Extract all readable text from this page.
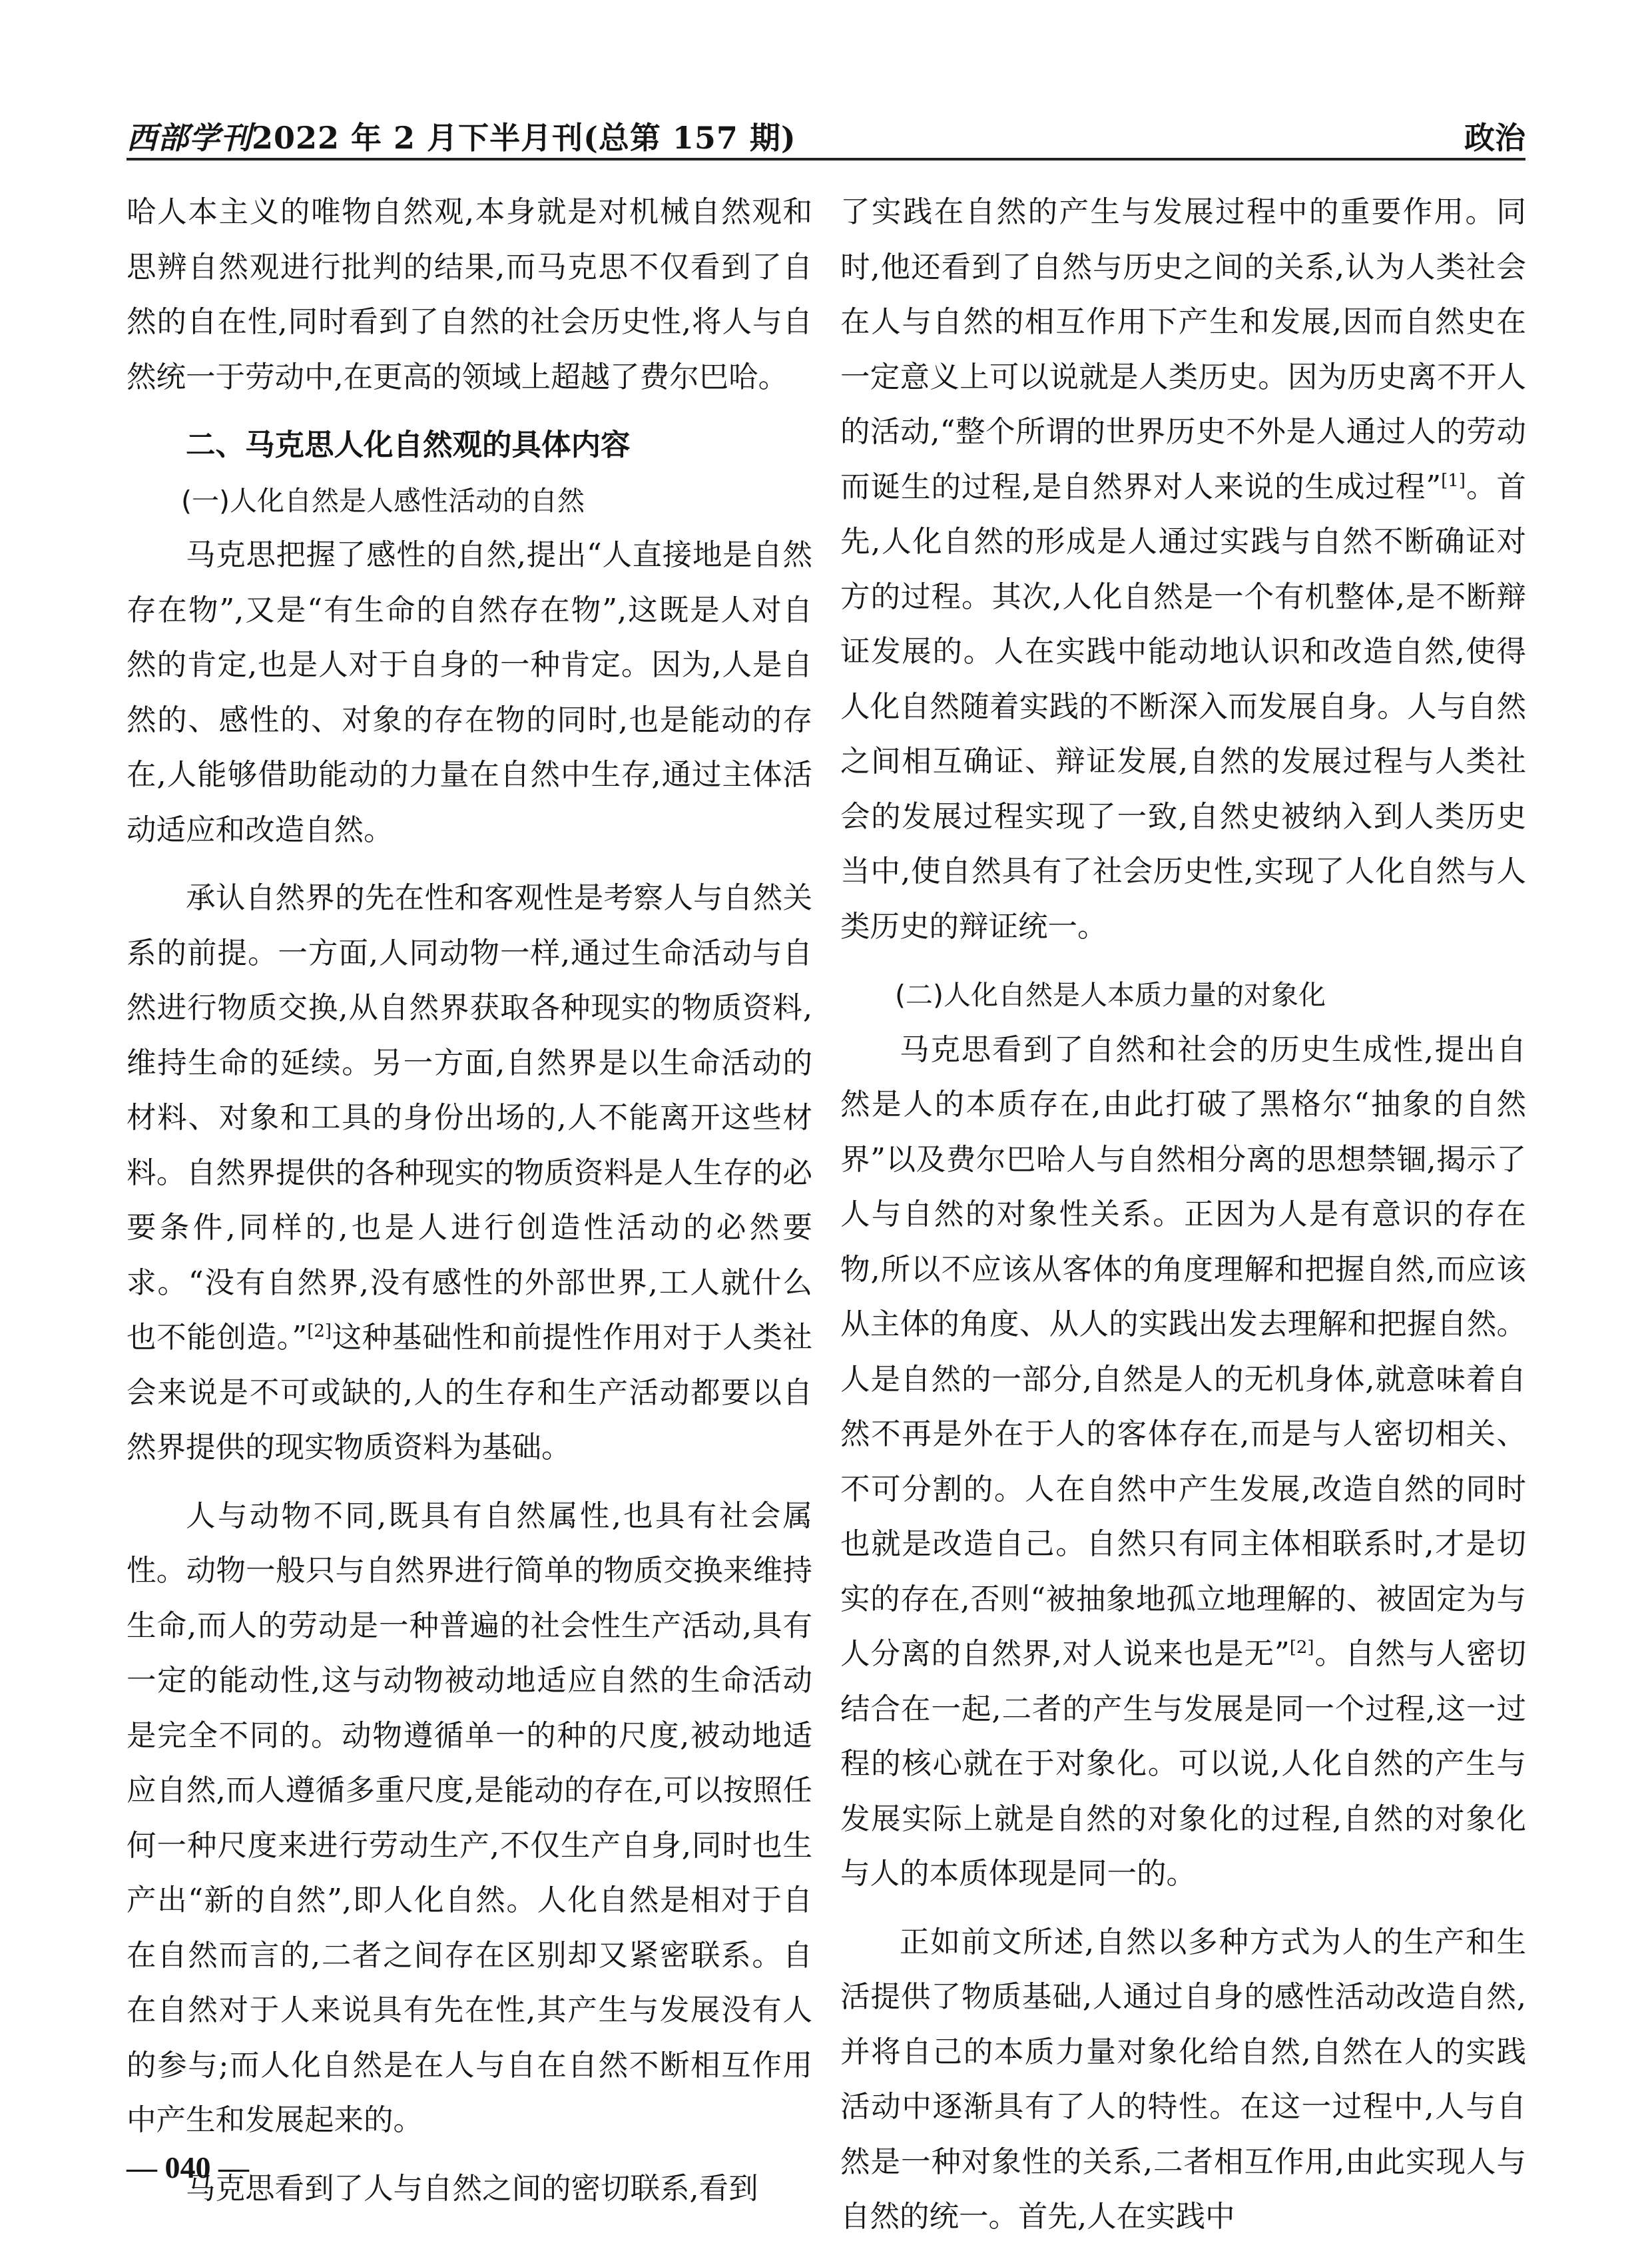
西部学刊2022 年 2 月下半月刊(总第 157 期)	政治

哈人本主义的唯物自然观,本身就是对机械自然观和思辨自然观进行批判的结果,而马克思不仅看到了自然的自在性,同时看到了自然的社会历史性,将人与自然统一于劳动中,在更高的领域上超越了费尔巴哈。

二、马克思人化自然观的具体内容

(一)人化自然是人感性活动的自然

马克思把握了感性的自然,提出“人直接地是自然存在物”,又是“有生命的自然存在物”,这既是人对自然的肯定,也是人对于自身的一种肯定。因为,人是自然的、感性的、对象的存在物的同时,也是能动的存在,人能够借助能动的力量在自然中生存,通过主体活动适应和改造自然。

承认自然界的先在性和客观性是考察人与自然关系的前提。一方面,人同动物一样,通过生命活动与自然进行物质交换,从自然界获取各种现实的物质资料,维持生命的延续。另一方面,自然界是以生命活动的材料、对象和工具的身份出场的,人不能离开这些材料。自然界提供的各种现实的物质资料是人生存的必要条件,同样的,也是人进行创造性活动的必然要求。“没有自然界,没有感性的外部世界,工人就什么也不能创造。”[2]这种基础性和前提性作用对于人类社会来说是不可或缺的,人的生存和生产活动都要以自然界提供的现实物质资料为基础。

人与动物不同,既具有自然属性,也具有社会属性。动物一般只与自然界进行简单的物质交换来维持生命,而人的劳动是一种普遍的社会性生产活动,具有一定的能动性,这与动物被动地适应自然的生命活动是完全不同的。动物遵循单一的种的尺度,被动地适应自然,而人遵循多重尺度,是能动的存在,可以按照任何一种尺度来进行劳动生产,不仅生产自身,同时也生产出“新的自然”,即人化自然。人化自然是相对于自在自然而言的,二者之间存在区别却又紧密联系。自在自然对于人来说具有先在性,其产生与发展没有人的参与;而人化自然是在人与自在自然不断相互作用中产生和发展起来的。

马克思看到了人与自然之间的密切联系,看到

了实践在自然的产生与发展过程中的重要作用。同时,他还看到了自然与历史之间的关系,认为人类社会在人与自然的相互作用下产生和发展,因而自然史在一定意义上可以说就是人类历史。因为历史离不开人的活动,“整个所谓的世界历史不外是人通过人的劳动而诞生的过程,是自然界对人来说的生成过程”[1]。首先,人化自然的形成是人通过实践与自然不断确证对方的过程。其次,人化自然是一个有机整体,是不断辩证发展的。人在实践中能动地认识和改造自然,使得人化自然随着实践的不断深入而发展自身。人与自然之间相互确证、辩证发展,自然的发展过程与人类社会的发展过程实现了一致,自然史被纳入到人类历史当中,使自然具有了社会历史性,实现了人化自然与人类历史的辩证统一。

(二)人化自然是人本质力量的对象化

马克思看到了自然和社会的历史生成性,提出自然是人的本质存在,由此打破了黑格尔“抽象的自然界”以及费尔巴哈人与自然相分离的思想禁锢,揭示了人与自然的对象性关系。正因为人是有意识的存在物,所以不应该从客体的角度理解和把握自然,而应该从主体的角度、从人的实践出发去理解和把握自然。人是自然的一部分,自然是人的无机身体,就意味着自然不再是外在于人的客体存在,而是与人密切相关、不可分割的。人在自然中产生发展,改造自然的同时也就是改造自己。自然只有同主体相联系时,才是切实的存在,否则“被抽象地孤立地理解的、被固定为与人分离的自然界,对人说来也是无”[2]。自然与人密切结合在一起,二者的产生与发展是同一个过程,这一过程的核心就在于对象化。可以说,人化自然的产生与发展实际上就是自然的对象化的过程,自然的对象化与人的本质体现是同一的。

正如前文所述,自然以多种方式为人的生产和生活提供了物质基础,人通过自身的感性活动改造自然,并将自己的本质力量对象化给自然,自然在人的实践活动中逐渐具有了人的特性。在这一过程中,人与自然是一种对象性的关系,二者相互作用,由此实现人与自然的统一。首先,人在实践中

— 040 —
